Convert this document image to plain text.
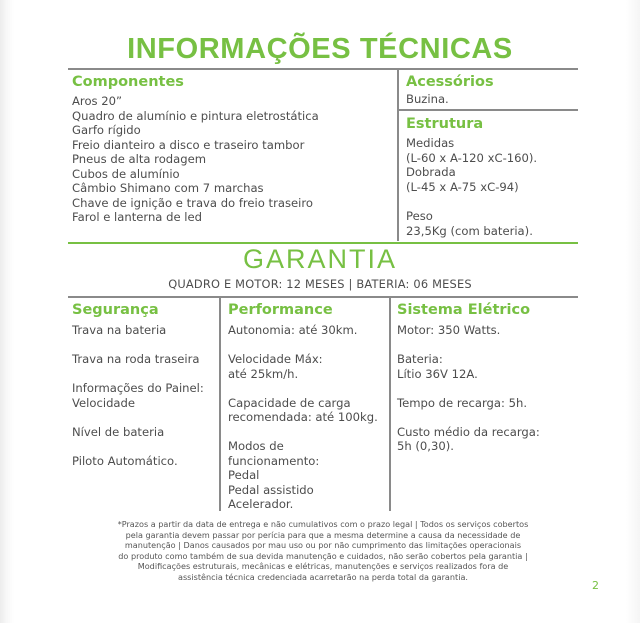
INFORMAÇÕES TÉCNICAS
Componentes
Aros 20”
Quadro de alumínio e pintura eletrostática
Garfo rígido
Freio dianteiro a disco e traseiro tambor
Pneus de alta rodagem
Cubos de alumínio
Câmbio Shimano com 7 marchas
Chave de ignição e trava do freio traseiro
Farol e lanterna de led
Acessórios
Buzina.
Estrutura
Medidas
(L-60 x A-120 xC-160).
Dobrada
(L-45 x A-75 xC-94)
Peso
23,5Kg (com bateria).
GARANTIA
QUADRO E MOTOR: 12 MESES | BATERIA: 06 MESES
Segurança
Trava na bateria
Trava na roda traseira
Informações do Painel:
Velocidade
Nível de bateria
Piloto Automático.
Performance
Autonomia: até 30km.
Velocidade Máx:
até 25km/h.
Capacidade de carga
recomendada: até 100kg.
Modos de
funcionamento:
Pedal
Pedal assistido
Acelerador.
Sistema Elétrico
Motor: 350 Watts.
Bateria:
Lítio 36V 12A.
Tempo de recarga: 5h.
Custo médio da recarga:
5h (0,30).
*Prazos a partir da data de entrega e não cumulativos com o prazo legal | Todos os serviços cobertos
pela garantia devem passar por perícia para que a mesma determine a causa da necessidade de
manutenção | Danos causados por mau uso ou por não cumprimento das limitações operacionais
do produto como também de sua devida manutenção e cuidados, não serão cobertos pela garantia |
Modificações estruturais, mecânicas e elétricas, manutenções e serviços realizados fora de
assistência técnica credenciada acarretarão na perda total da garantia.
2
